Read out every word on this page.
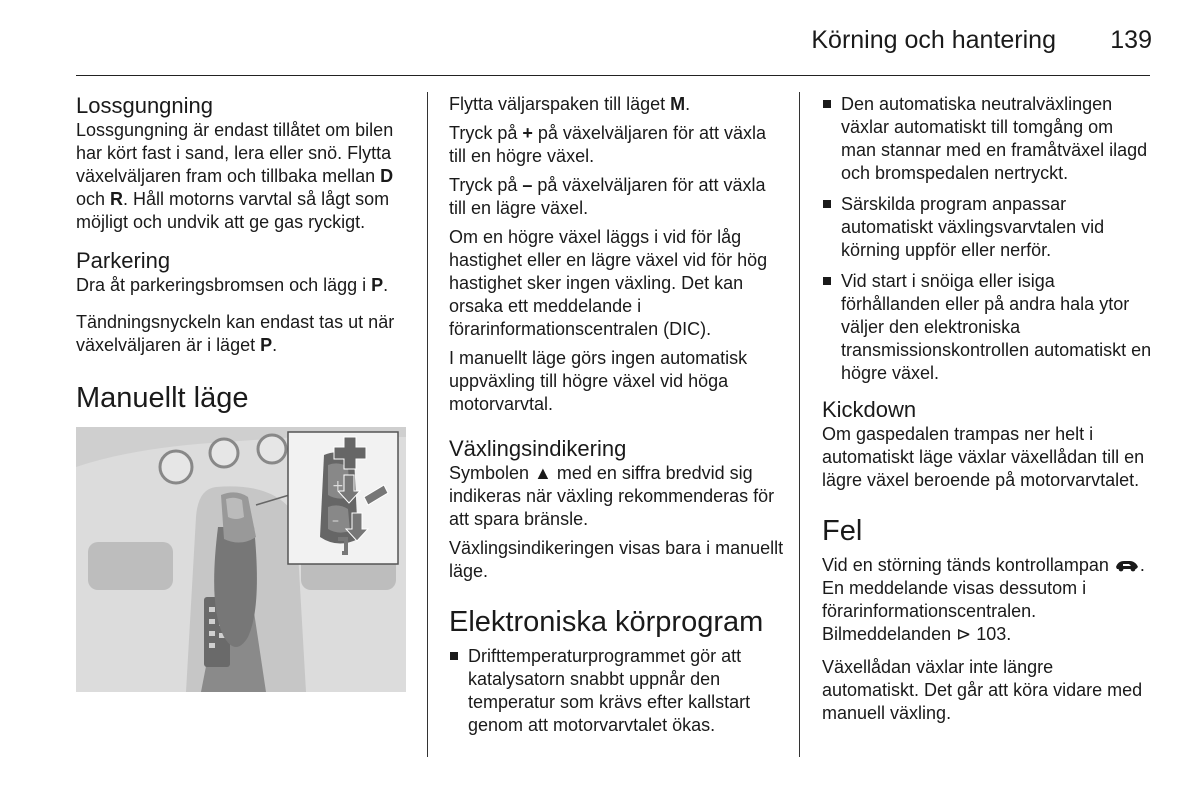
Körning och hantering	139
Lossgungning

Lossgungning är endast tillåtet om bilen har kört fast i sand, lera eller snö. Flytta växelväljaren fram och tillbaka mellan D och R. Håll motorns varvtal så lågt som möjligt och undvik att ge gas ryckigt.

Parkering

Dra åt parkeringsbromsen och lägg i P.

Tändningsnyckeln kan endast tas ut när växelväljaren är i läget P.

Manuellt läge
+
–

Flytta väljarspaken till läget M.

Tryck på + på växelväljaren för att växla till en högre växel.

Tryck på – på växelväljaren för att växla till en lägre växel.

Om en högre växel läggs i vid för låg hastighet eller en lägre växel vid för hög hastighet sker ingen växling. Det kan orsaka ett meddelande i förarinformationscentralen (DIC).

I manuellt läge görs ingen automatisk uppväxling till högre växel vid höga motorvarvtal.

Växlingsindikering

Symbolen ▲ med en siffra bredvid sig indikeras när växling rekommenderas för att spara bränsle.

Växlingsindikeringen visas bara i manuellt läge.

Elektroniska körprogram
Drifttemperaturprogrammet gör att katalysatorn snabbt uppnår den temperatur som krävs efter kallstart genom att motorvarvtalet ökas.
Den automatiska neutralväxlingen växlar automatiskt till tomgång om man stannar med en framåtväxel ilagd och bromspedalen nertryckt.
Särskilda program anpassar automatiskt växlingsvarvtalen vid körning uppför eller nerför.
Vid start i snöiga eller isiga förhållanden eller på andra hala ytor väljer den elektroniska transmissionskontrollen automatiskt en högre växel.
Kickdown

Om gaspedalen trampas ner helt i automatiskt läge växlar växellådan till en lägre växel beroende på motorvarvtalet.

Fel

Vid en störning tänds kontrollampan . En meddelande visas dessutom i förarinformationscentralen. Bilmeddelanden ⊳ 103.

Växellådan växlar inte längre automatiskt. Det går att köra vidare med manuell växling.
